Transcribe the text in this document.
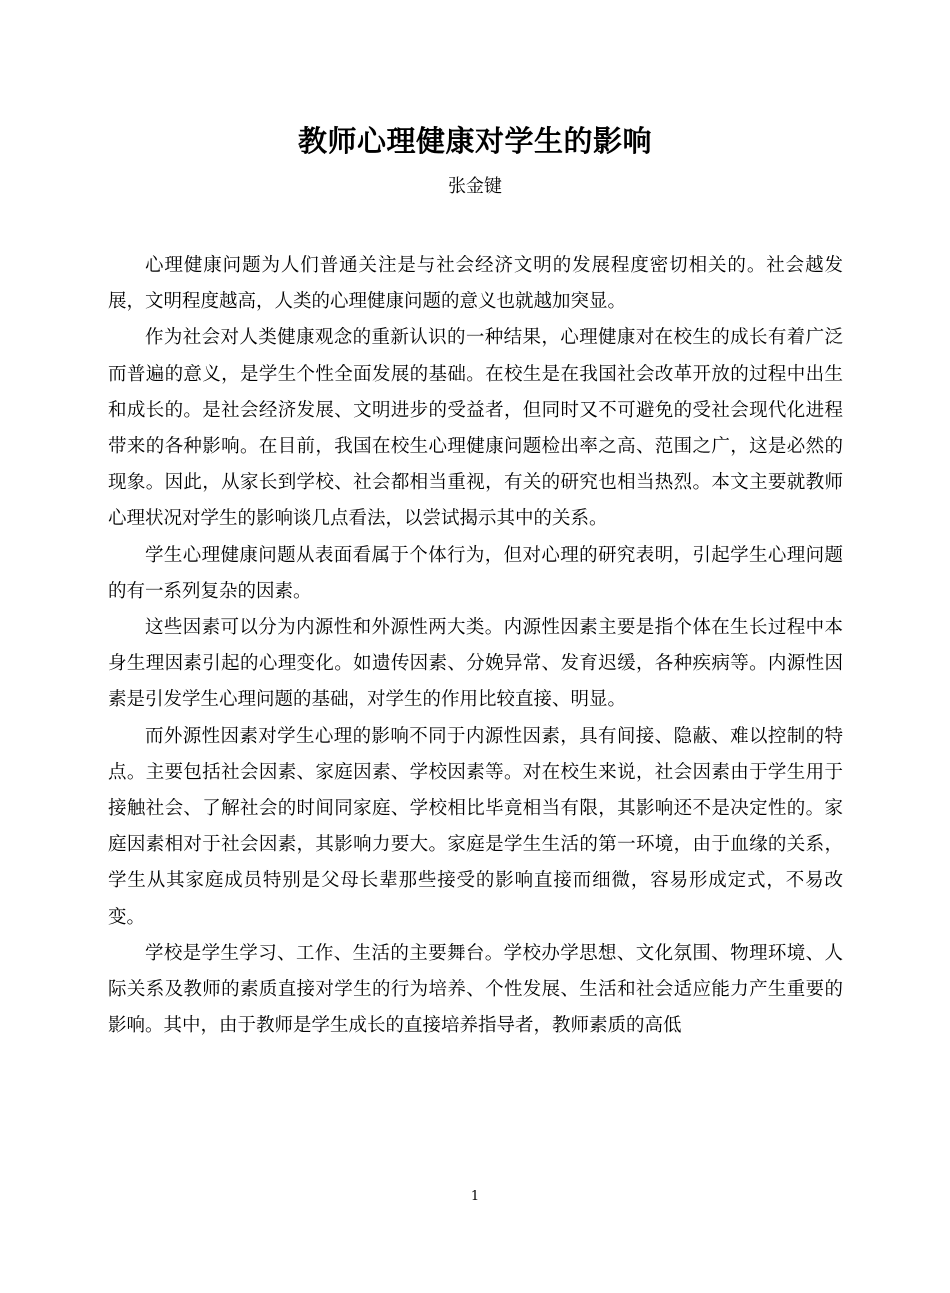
教师心理健康对学生的影响
张金键

心理健康问题为人们普通关注是与社会经济文明的发展程度密切相关的。社会越发展，文明程度越高，人类的心理健康问题的意义也就越加突显。

作为社会对人类健康观念的重新认识的一种结果，心理健康对在校生的成长有着广泛而普遍的意义，是学生个性全面发展的基础。在校生是在我国社会改革开放的过程中出生和成长的。是社会经济发展、文明进步的受益者，但同时又不可避免的受社会现代化进程带来的各种影响。在目前，我国在校生心理健康问题检出率之高、范围之广，这是必然的现象。因此，从家长到学校、社会都相当重视，有关的研究也相当热烈。本文主要就教师心理状况对学生的影响谈几点看法，以尝试揭示其中的关系。

学生心理健康问题从表面看属于个体行为，但对心理的研究表明，引起学生心理问题的有一系列复杂的因素。

这些因素可以分为内源性和外源性两大类。内源性因素主要是指个体在生长过程中本身生理因素引起的心理变化。如遗传因素、分娩异常、发育迟缓，各种疾病等。内源性因素是引发学生心理问题的基础，对学生的作用比较直接、明显。

而外源性因素对学生心理的影响不同于内源性因素，具有间接、隐蔽、难以控制的特点。主要包括社会因素、家庭因素、学校因素等。对在校生来说，社会因素由于学生用于接触社会、了解社会的时间同家庭、学校相比毕竟相当有限，其影响还不是决定性的。家庭因素相对于社会因素，其影响力要大。家庭是学生生活的第一环境，由于血缘的关系，学生从其家庭成员特别是父母长辈那些接受的影响直接而细微，容易形成定式，不易改变。

学校是学生学习、工作、生活的主要舞台。学校办学思想、文化氛围、物理环境、人际关系及教师的素质直接对学生的行为培养、个性发展、生活和社会适应能力产生重要的影响。其中，由于教师是学生成长的直接培养指导者，教师素质的高低

1
